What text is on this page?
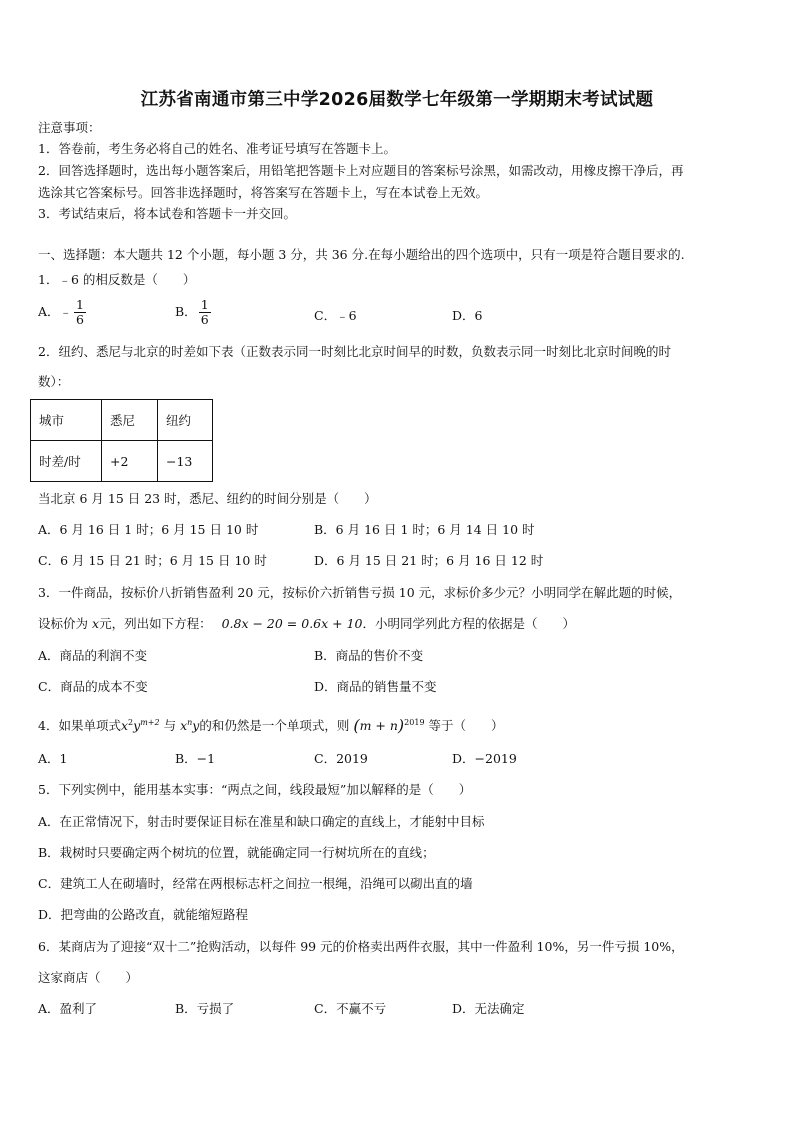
江苏省南通市第三中学2026届数学七年级第一学期期末考试试题
注意事项：
1．答卷前，考生务必将自己的姓名、准考证号填写在答题卡上。
2．回答选择题时，选出每小题答案后，用铅笔把答题卡上对应题目的答案标号涂黑，如需改动，用橡皮擦干净后，再
选涂其它答案标号。回答非选择题时，将答案写在答题卡上，写在本试卷上无效。
3．考试结束后，将本试卷和答题卡一并交回。
一、选择题：本大题共 12 个小题，每小题 3 分，共 36 分.在每小题给出的四个选项中，只有一项是符合题目要求的.
1．﹣6 的相反数是（　　）
A．﹣ $\frac{1}{6}$	B． $\frac{1}{6}$	C．﹣6	D．6
2．纽约、悉尼与北京的时差如下表（正数表示同一时刻比北京时间早的时数，负数表示同一时刻比北京时间晚的时
数）：
城市	悉尼	纽约
时差/时	+2	−13
当北京 6 月 15 日 23 时，悉尼、纽约的时间分别是（　　）
A．6 月 16 日 1 时；6 月 15 日 10 时	B．6 月 16 日 1 时；6 月 14 日 10 时
C．6 月 15 日 21 时；6 月 15 日 10 时	D．6 月 15 日 21 时；6 月 16 日 12 时
3．一件商品，按标价八折销售盈利 20 元，按标价六折销售亏损 10 元，求标价多少元？小明同学在解此题的时候，
设标价为 x元，列出如下方程： 0.8x − 20 = 0.6x + 10．小明同学列此方程的依据是（　　）
A．商品的利润不变	B．商品的售价不变
C．商品的成本不变	D．商品的销售量不变
4．如果单项式$x^2y^{m+2}$ 与 $x^ny$的和仍然是一个单项式，则 $(m + n)^{2019}$ 等于（　　）
A．1	B．−1	C．2019	D．−2019
5．下列实例中，能用基本实事：“两点之间，线段最短”加以解释的是（　　）
A．在正常情况下，射击时要保证目标在准星和缺口确定的直线上，才能射中目标
B．栽树时只要确定两个树坑的位置，就能确定同一行树坑所在的直线；
C．建筑工人在砌墙时，经常在两根标志杆之间拉一根绳，沿绳可以砌出直的墙
D．把弯曲的公路改直，就能缩短路程
6．某商店为了迎接“双十二”抢购活动，以每件 99 元的价格卖出两件衣服，其中一件盈利 10%，另一件亏损 10%，
这家商店（　　）
A．盈利了	B．亏损了	C．不赢不亏	D．无法确定
